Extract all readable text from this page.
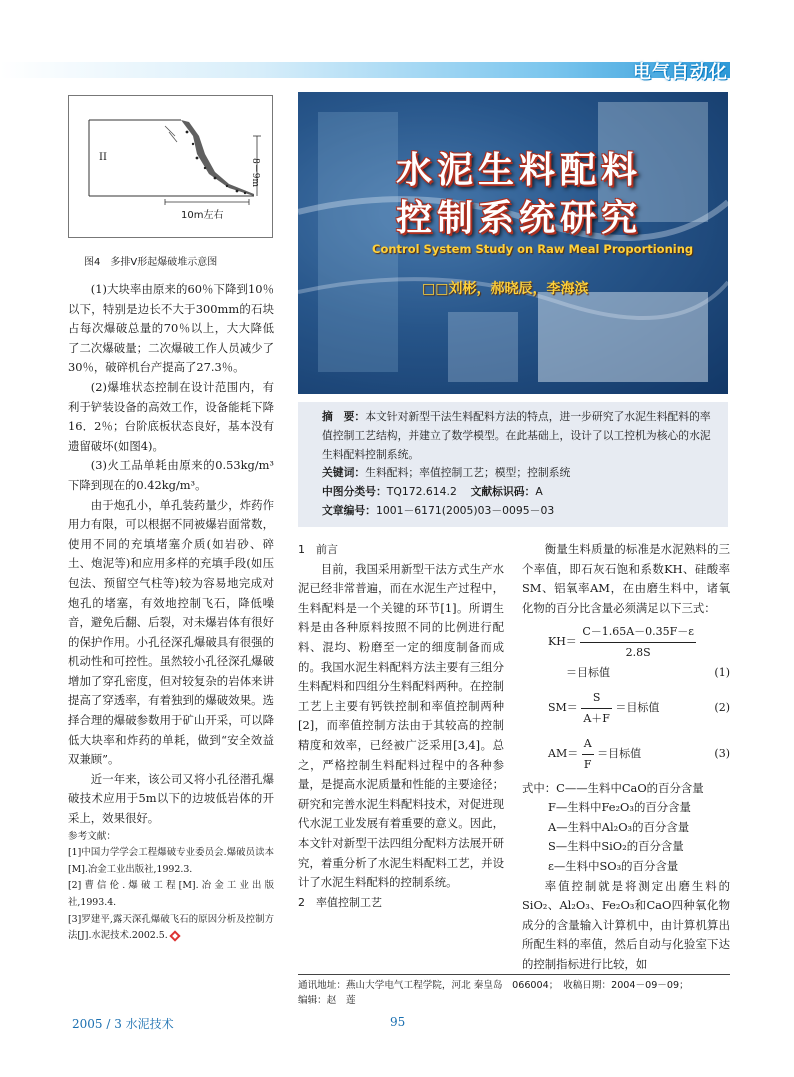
电气自动化
II
8－9m
10m左右
图4　多排V形起爆破堆示意图

(1)大块率由原来的60％下降到10％以下，特别是边长不大于300mm的石块占每次爆破总量的70％以上，大大降低了二次爆破量；二次爆破工作人员减少了30％，破碎机台产提高了27.3％。

(2)爆堆状态控制在设计范围内，有利于铲装设备的高效工作，设备能耗下降16．2％；台阶底板状态良好，基本没有遗留破坏(如图4)。

(3)火工品单耗由原来的0.53kg/m³下降到现在的0.42kg/m³。

由于炮孔小，单孔装药量少，炸药作用力有限，可以根据不同被爆岩面常数，使用不同的充填堵塞介质(如岩砂、碎土、炮泥等)和应用多样的充填手段(如压包法、预留空气柱等)较为容易地完成对炮孔的堵塞，有效地控制飞石，降低噪音，避免后翻、后裂，对未爆岩体有很好的保护作用。小孔径深孔爆破具有很强的机动性和可控性。虽然较小孔径深孔爆破增加了穿孔密度，但对较复杂的岩体来讲提高了穿透率，有着独到的爆破效果。选择合理的爆破参数用于矿山开采，可以降低大块率和炸药的单耗，做到“安全效益双兼顾”。

近一年来，该公司又将小孔径潜孔爆破技术应用于5m以下的边坡低岩体的开采上，效果很好。

参考文献：

[1]中国力学学会工程爆破专业委员会.爆破员读本[M].冶金工业出版社,1992.3.

[2]曹信伦.爆破工程[M].冶金工业出版社,1993.4.

[3]罗建平,露天深孔爆破飞石的原因分析及控制方法[J].水泥技术.2002.5.

水泥生料配料
控制系统研究
Control System Study on Raw Meal Proportioning
□□刘彬，郝晓辰，李海滨
摘　要：本文针对新型干法生料配料方法的特点，进一步研究了水泥生料配料的率值控制工艺结构，并建立了数学模型。在此基础上，设计了以工控机为核心的水泥生料配料控制系统。
关键词：生料配料；率值控制工艺；模型；控制系统
中图分类号：TQ172.614.2 文献标识码：A
文章编号：1001－6171(2005)03－0095－03

1　前言

目前，我国采用新型干法方式生产水泥已经非常普遍，而在水泥生产过程中，生料配料是一个关键的环节[1]。所谓生料是由各种原料按照不同的比例进行配料、混均、粉磨至一定的细度制备而成的。我国水泥生料配料方法主要有三组分生料配料和四组分生料配料两种。在控制工艺上主要有钙铁控制和率值控制两种[2]，而率值控制方法由于其较高的控制精度和效率，已经被广泛采用[3,4]。总之，严格控制生料配料过程中的各种参量，是提高水泥质量和性能的主要途径；研究和完善水泥生料配料技术，对促进现代水泥工业发展有着重要的意义。因此，本文针对新型干法四组分配料方法展开研究，着重分析了水泥生料配料工艺，并设计了水泥生料配料的控制系统。

2　率值控制工艺

衡量生料质量的标准是水泥熟料的三个率值，即石灰石饱和系数KH、硅酸率SM、铝氧率AM，在由磨生料中，诸氧化物的百分比含量必须满足以下三式：

$KH= \frac{C-1.65A-0.35F-\varepsilon}{2.8S}$
＝目标值	(1)
$SM= \frac{S}{A+F}$ ＝目标值	(2)
$AM= \frac{A}{F}$ ＝目标值	(3)

式中：C——生料中CaO的百分含量

F—生料中Fe₂O₃的百分含量

A—生料中Al₂O₃的百分含量

S—生料中SiO₂的百分含量

ε—生料中SO₃的百分含量

率值控制就是将测定出磨生料的SiO₂、Al₂O₃、Fe₂O₃和CaO四种氧化物成分的含量输入计算机中，由计算机算出所配生料的率值，然后自动与化验室下达的控制指标进行比较，如

通讯地址：燕山大学电气工程学院，河北 秦皇岛　066004；　收稿日期：2004－09－09；
编辑：赵　莲
2005 / 3 水泥技术	95
